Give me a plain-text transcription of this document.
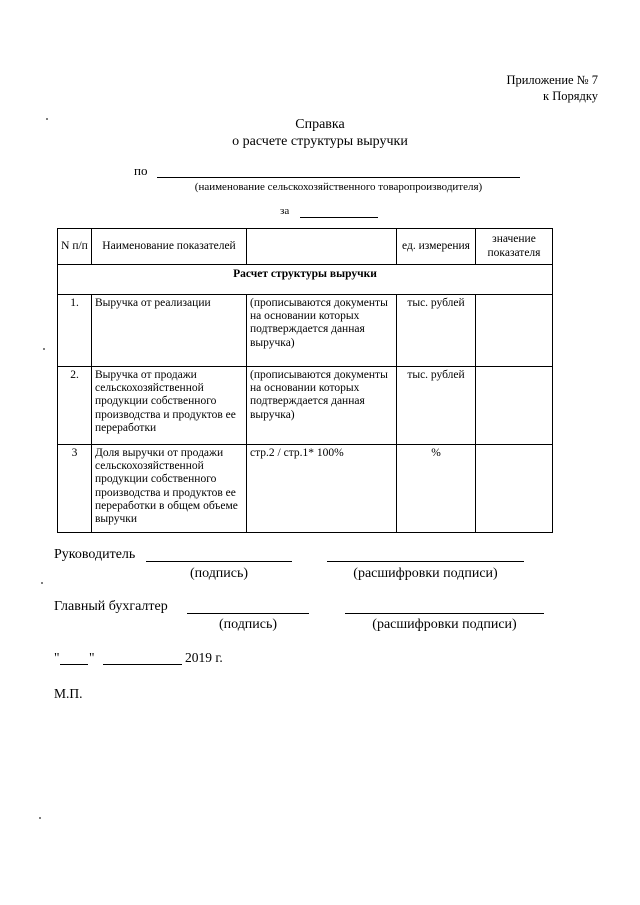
Приложение № 7
к Порядку
Справка
о расчете структуры выручки
по
(наименование сельскохозяйственного товаропроизводителя)
за
N п/п	Наименование показателей		ед. измерения	значение показателя
Расчет структуры выручки				
1.	Выручка от реализации	(прописываются документы на основании которых подтверждается данная выручка)	тыс. рублей	
2.	Выручка от продажи сельскохозяйственной продукции собственного производства и продуктов ее переработки	(прописываются документы на основании которых подтверждается данная выручка)	тыс. рублей	
3	Доля выручки от продажи сельскохозяйственной продукции собственного производства и продуктов ее переработки в общем объеме выручки	стр.2 / стр.1* 100%	%	
Руководитель
(подпись)	(расшифровки подписи)
Главный бухгалтер
(подпись)	(расшифровки подписи)
" "	2019 г.
М.П.
